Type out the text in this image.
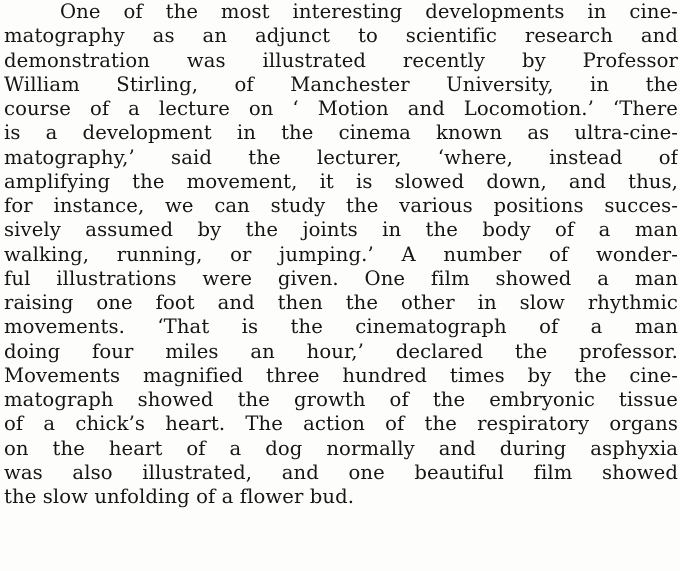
One of the most interesting developments in cine-
matography as an adjunct to scientific research and
demonstration was illustrated recently by Professor
William Stirling, of Manchester University, in the
course of a lecture on ‘ Motion and Locomotion.’ ‘There
is a development in the cinema known as ultra-cine-
matography,’ said the lecturer, ‘where, instead of
amplifying the movement, it is slowed down, and thus,
for instance, we can study the various positions succes-
sively assumed by the joints in the body of a man
walking, running, or jumping.’ A number of wonder-
ful illustrations were given. One film showed a man
raising one foot and then the other in slow rhythmic
movements. ‘That is the cinematograph of a man
doing four miles an hour,’ declared the professor.
Movements magnified three hundred times by the cine-
matograph showed the growth of the embryonic tissue
of a chick’s heart. The action of the respiratory organs
on the heart of a dog normally and during asphyxia
was also illustrated, and one beautiful film showed
the slow unfolding of a flower bud.
